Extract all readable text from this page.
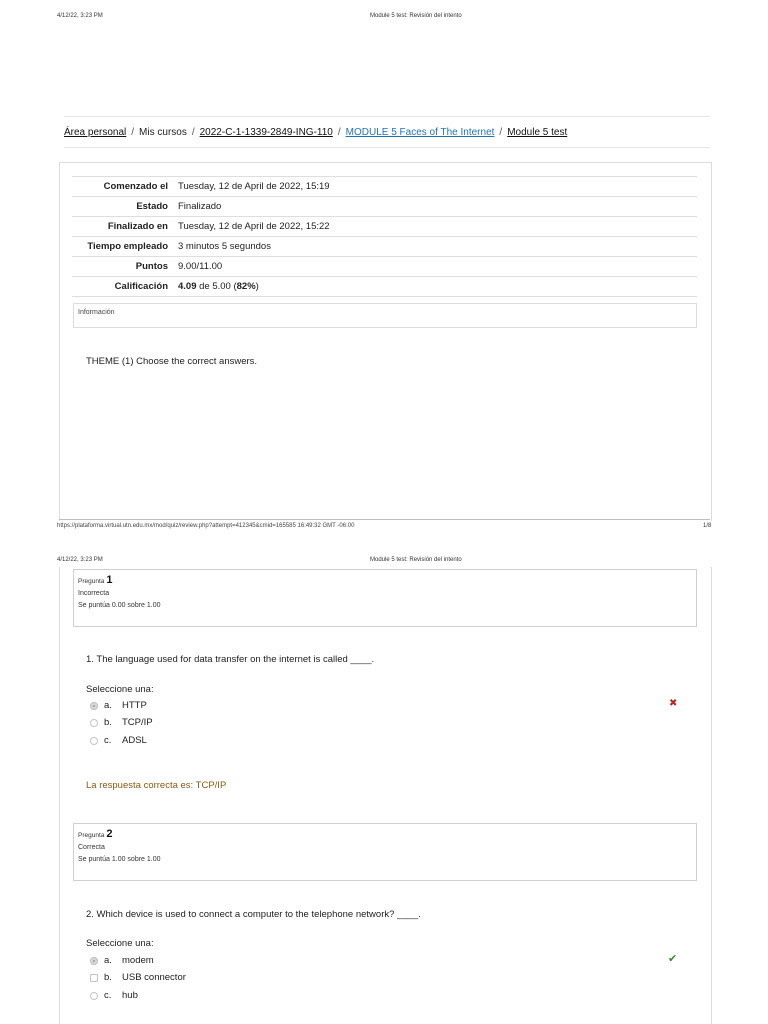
4/12/22, 3:23 PM	Module 5 test: Revisión del intento
Área personal / Mis cursos / 2022-C-1-1339-2849-ING-110 / MODULE 5 Faces of The Internet / Module 5 test
Comenzado el	Tuesday, 12 de April de 2022, 15:19
Estado	Finalizado
Finalizado en	Tuesday, 12 de April de 2022, 15:22
Tiempo empleado	3 minutos 5 segundos
Puntos	9.00/11.00
Calificación	4.09 de 5.00 (82%)
Información
THEME (1) Choose the correct answers.
https://plataforma.virtual.utn.edu.mx/mod/quiz/review.php?attempt=412345&cmid=165585 16:49:32 GMT -06:00	1/8
4/12/22, 3:23 PM	Module 5 test: Revisión del intento
Pregunta 1
Incorrecta
Se puntúa 0.00 sobre 1.00
1. The language used for data transfer on the internet is called ____.
Seleccione una:
a.	HTTP
b.	TCP/IP
c.	ADSL
✖
La respuesta correcta es: TCP/IP
Pregunta 2
Correcta
Se puntúa 1.00 sobre 1.00
2. Which device is used to connect a computer to the telephone network? ____.
Seleccione una:
a.	modem
b.	USB connector
c.	hub
✔
